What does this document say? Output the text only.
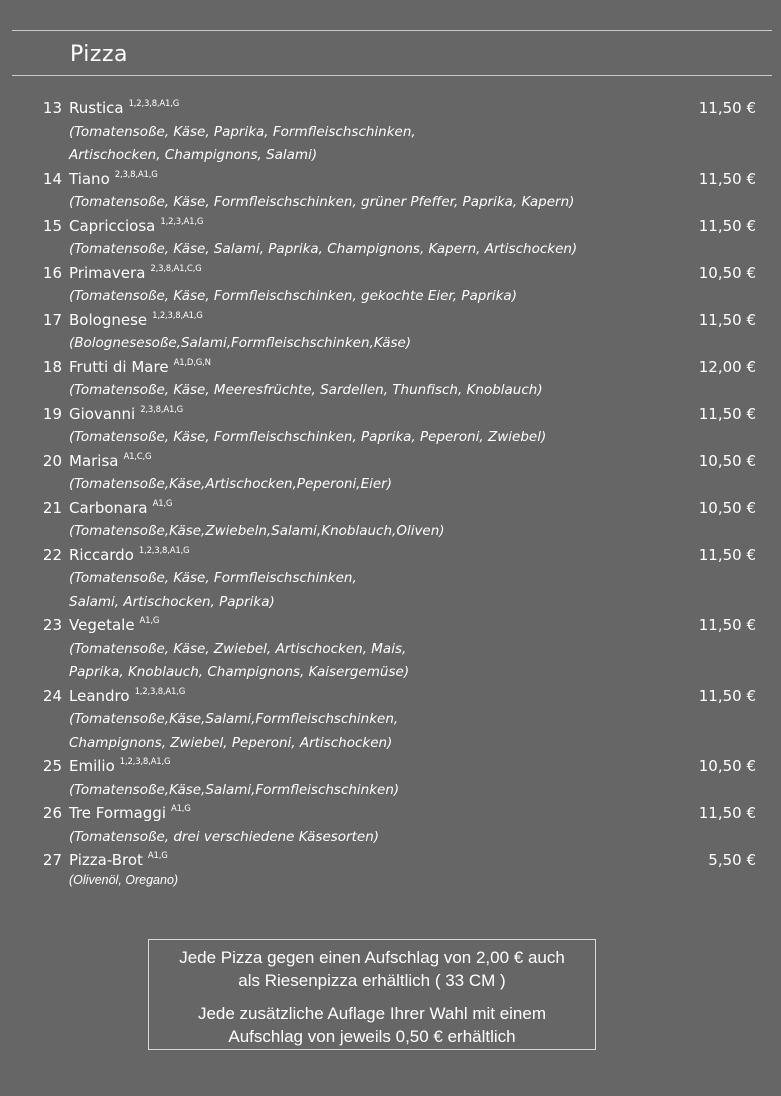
Pizza
13 Rustica $^{1,2,3,8,A1,G}$	11,50 €
(Tomatensoße, Käse, Paprika, Formfleischschinken,
Artischocken, Champignons, Salami)
14 Tiano $^{2,3,8,A1,G}$	11,50 €
(Tomatensoße, Käse, Formfleischschinken, grüner Pfeffer, Paprika, Kapern)
15 Capricciosa $^{1,2,3,A1,G}$	11,50 €
(Tomatensoße, Käse, Salami, Paprika, Champignons, Kapern, Artischocken)
16 Primavera $^{2,3,8,A1,C,G}$	10,50 €
(Tomatensoße, Käse, Formfleischschinken, gekochte Eier, Paprika)
17 Bolognese $^{1,2,3,8,A1,G}$	11,50 €
(Bolognesesoße,Salami,Formfleischschinken,Käse)
18 Frutti di Mare $^{A1,D,G,N}$	12,00 €
(Tomatensoße, Käse, Meeresfrüchte, Sardellen, Thunfisch, Knoblauch)
19 Giovanni $^{2,3,8,A1,G}$	11,50 €
(Tomatensoße, Käse, Formfleischschinken, Paprika, Peperoni, Zwiebel)
20 Marisa $^{A1,C,G}$	10,50 €
(Tomatensoße,Käse,Artischocken,Peperoni,Eier)
21 Carbonara $^{A1,G}$	10,50 €
(Tomatensoße,Käse,Zwiebeln,Salami,Knoblauch,Oliven)
22 Riccardo $^{1,2,3,8,A1,G}$	11,50 €
(Tomatensoße, Käse, Formfleischschinken,
Salami, Artischocken, Paprika)
23 Vegetale $^{A1,G}$	11,50 €
(Tomatensoße, Käse, Zwiebel, Artischocken, Mais,
Paprika, Knoblauch, Champignons, Kaisergemüse)
24 Leandro $^{1,2,3,8,A1,G}$	11,50 €
(Tomatensoße,Käse,Salami,Formfleischschinken,
Champignons, Zwiebel, Peperoni, Artischocken)
25 Emilio $^{1,2,3,8,A1,G}$	10,50 €
(Tomatensoße,Käse,Salami,Formfleischschinken)
26 Tre Formaggi $^{A1,G}$	11,50 €
(Tomatensoße, drei verschiedene Käsesorten)
27 Pizza-Brot $^{A1,G}$	5,50 €
(Olivenöl, Oregano)

Jede Pizza gegen einen Aufschlag von 2,00 € auch

als Riesenpizza erhältlich ( 33 CM )

Jede zusätzliche Auflage Ihrer Wahl mit einem

Aufschlag von jeweils 0,50 € erhältlich
